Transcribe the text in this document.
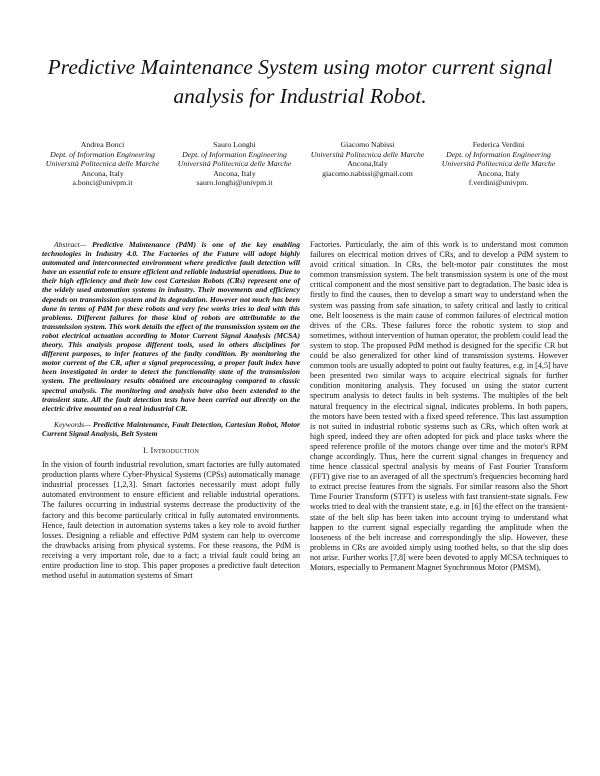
Predictive Maintenance System using motor current signal analysis for Industrial Robot.
Andrea Bonci
Dept. of Information Engineering Università Politecnica delle Marche
Ancona, Italy
a.bonci@univpm.it
Sauro Longhi
Dept. of Information Engineering Università Politecnica delle Marche
Ancona, Italy
sauro.longhi@univpm.it
Giacomo Nabissi
Università Politecnica delle Marche
Ancona,Italy
giacomo.nabissi@gmail.com
Federica Verdini
Dept. of Information Engineering Università Politecnica delle Marche
Ancona, Italy
f.verdini@univpm.

Abstract— Predictive Maintenance (PdM) is one of the key enabling technologies in Industry 4.0. The Factories of the Future will adopt highly automated and interconnected environment where predictive fault detection will have an essential role to ensure efficient and reliable industrial operations. Due to their high efficiency and their low cost Cartesian Robots (CRs) represent one of the widely used automation systems in industry. Their movements and efficiency depends on transmission system and its degradation. However not much has been done in terms of PdM for these robots and very few works tries to deal with this problems. Different failures for those kind of robots are attributable to the transmission system. This work details the effect of the transmission system on the robot electrical actuation according to Motor Current Signal Analysis (MCSA) theory. This analysis propose different tools, used in others disciplines for different purposes, to infer features of the faulty condition. By monitoring the motor current of the CR, after a signal preprocessing, a proper fault index have been investigated in order to detect the functionality state of the transmission system. The preliminary results obtained are encouraging compared to classic spectral analysis. The monitoring and analysis have also been extended to the transient state. All the fault detection tests have been carried out directly on the electric drive mounted on a real industrial CR.

Keywords— Predictive Maintenance, Fault Detection, Cartesian Robot, Motor Current Signal Analysis, Belt System

I. Introduction

In the vision of fourth industrial revolution, smart factories are fully automated production plants where Cyber-Physical Systems (CPSs) automatically manage industrial processes [1,2,3]. Smart factories necessarily must adopt fully automated environment to ensure efficient and reliable industrial operations. The failures occurring in industrial systems decrease the productivity of the factory and this become particularly critical in fully automated environments. Hence, fault detection in automation systems takes a key role to avoid further losses. Designing a reliable and effective PdM system can help to overcome the drawbacks arising from physical systems. For these reasons, the PdM is receiving a very important role, due to a fact; a trivial fault could bring an entire production line to stop. This paper proposes a predictive fault detection method useful in automation systems of Smart

Factories. Particularly, the aim of this work is to understand most common failures on electrical motion drives of CRs, and to develop a PdM system to avoid critical situation. In CRs, the belt-motor pair constitutes the most common transmission system. The belt transmission system is one of the most critical component and the most sensitive part to degradation. The basic idea is firstly to find the causes, then to develop a smart way to understand when the system was passing from safe situation, to safety critical and lastly to critical one. Belt looseness is the main cause of common failures of electrical motion drives of the CRs. These failures force the robotic system to stop and sometimes, without intervention of human operator, the problem could lead the system to stop. The proposed PdM method is designed for the specific CR but could be also generalized for other kind of transmission systems. However common tools are usually adopted to point out faulty features, e.g. in [4,5] have been presented two similar ways to acquire electrical signals for further condition monitoring analysis. They focused on using the stator current spectrum analysis to detect faults in belt systems. The multiples of the belt natural frequency in the electrical signal, indicates problems. In both papers, the motors have been tested with a fixed speed reference. This last assumption is not suited in industrial robotic systems such as CRs, which often work at high speed, indeed they are often adopted for pick and place tasks where the speed reference profile of the motors change over time and the motor's RPM change accordingly. Thus, here the current signal changes in frequency and time hence classical spectral analysis by means of Fast Fourier Transform (FFT) give rise to an averaged of all the spectrum's frequencies becoming hard to extract precise features from the signals. For similar reasons also the Short Time Fourier Transform (STFT) is useless with fast transient-state signals. Few works tried to deal with the transient state, e.g. in [6] the effect on the transient-state of the belt slip has been taken into account trying to understand what happen to the current signal especially regarding the amplitude when the looseness of the belt increase and correspondingly the slip. However, these problems in CRs are avoided simply using toothed belts, so that the slip does not arise. Further works [7,8] were been devoted to apply MCSA techniques to Motors, especially to Permanent Magnet Synchronous Motor (PMSM),
